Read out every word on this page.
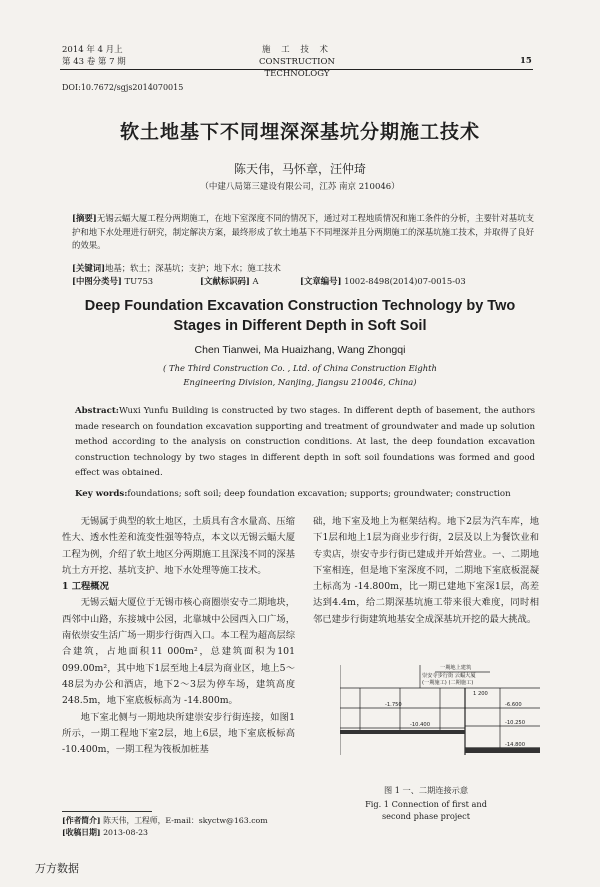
2014 年 4 月上
第 43 卷 第 7 期
施 工 技 术
CONSTRUCTION TECHNOLOGY
15
DOI:10.7672/sgjs2014070015
软土地基下不同埋深深基坑分期施工技术
陈天伟，马怀章，汪仲琦
（中建八局第三建设有限公司，江苏 南京 210046）
[摘要]无锡云蝠大厦工程分两期施工，在地下室深度不同的情况下，通过对工程地质情况和施工条件的分析，主要针对基坑支护和地下水处理进行研究，制定解决方案，最终形成了软土地基下不同埋深并且分两期施工的深基坑施工技术，并取得了良好的效果。
[关键词]地基；软土；深基坑；支护；地下水；施工技术
[中图分类号] TU753	[文献标识码] A	[文章编号] 1002-8498(2014)07-0015-03
Deep Foundation Excavation Construction Technology by Two Stages in Different Depth in Soft Soil
Chen Tianwei, Ma Huaizhang, Wang Zhongqi
( The Third Construction Co. , Ltd. of China Construction Eighth
Engineering Division, Nanjing, Jiangsu 210046, China)
Abstract:Wuxi Yunfu Building is constructed by two stages. In different depth of basement, the authors made research on foundation excavation supporting and treatment of groundwater and made up solution method according to the analysis on construction conditions. At last, the deep foundation excavation construction technology by two stages in different depth in soft soil foundations was formed and good effect was obtained.
Key words:foundations; soft soil; deep foundation excavation; supports; groundwater; construction

无锡属于典型的软土地区，土质具有含水量高、压缩性大、透水性差和流变性强等特点，本文以无锡云蝠大厦工程为例，介绍了软土地区分两期施工且深浅不同的深基坑土方开挖、基坑支护、地下水处理等施工技术。

1 工程概况

无锡云蝠大厦位于无锡市核心商圈崇安寺二期地块，西邻中山路，东接城中公园，北靠城中公园西入口广场，南依崇安生活广场一期步行街西入口。本工程为超高层综合建筑，占地面积11 000m²，总建筑面积为101 099.00m²，其中地下1层至地上4层为商业区，地上5～48层为办公和酒店，地下2～3层为停车场，建筑高度248.5m，地下室底板标高为 -14.800m。

地下室北侧与一期地块所建崇安步行街连接，如图1所示，一期工程地下室2层，地上6层，地下室底板标高 -10.400m，一期工程为筏板加桩基

础，地下室及地上为框架结构。地下2层为汽车库，地下1层和地上1层为商业步行街，2层及以上为餐饮业和专卖店，崇安寺步行街已建成并开始营业。一、二期地下室相连，但是地下室深度不同，二期地下室底板混凝土标高为 -14.800m，比一期已建地下室深1层，高差达到4.4m，给二期深基坑施工带来很大难度，同时相邻已建步行街建筑地基安全成深基坑开挖的最大挑战。

一期地上建筑
崇安寺步行街 云蝠大厦
(一期施工) (二期施工)
1 200
-1.750	-6.600
-10.250
-10.400
-14.800
图 1 一、二期连接示意
Fig. 1 Connection of first and
second phase project
[作者简介] 陈天伟，工程师，E-mail：skyctw@163.com
[收稿日期] 2013-08-23
万方数据
